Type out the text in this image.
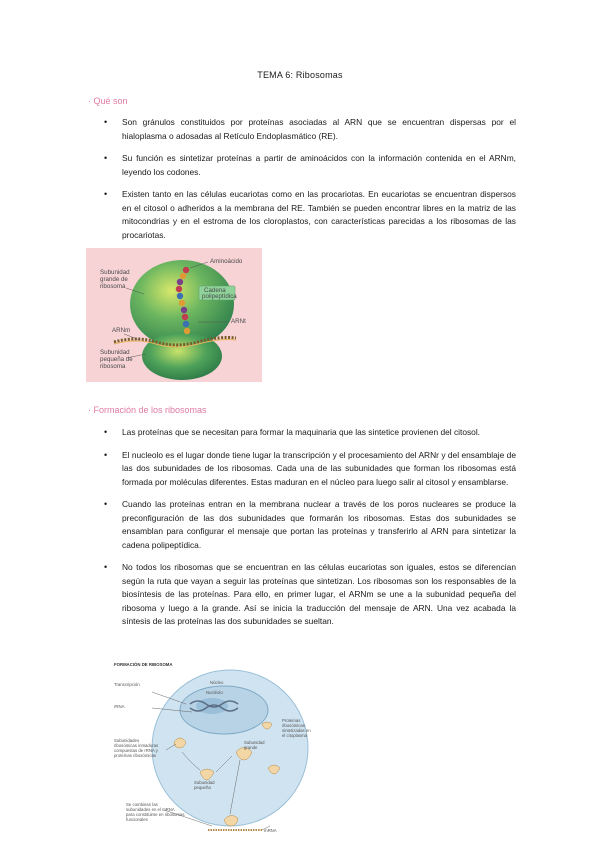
TEMA 6: Ribosomas
· Qué son
• Son gránulos constituidos por proteínas asociadas al ARN que se encuentran dispersas por el hialoplasma o adosadas al Retículo Endoplasmático (RE).
• Su función es sintetizar proteínas a partir de aminoácidos con la información contenida en el ARNm, leyendo los codones.
• Existen tanto en las células eucariotas como en las procariotas. En eucariotas se encuentran dispersos en el citosol o adheridos a la membrana del RE. También se pueden encontrar libres en la matriz de las mitocondrias y en el estroma de los cloroplastos, con características parecidas a los ribosomas de las procariotas.
Cadena
polipeptídica
Subunidad
grande de
ribosoma
Aminoácido
ARNt
ARNm
Subunidad
pequeña de
ribosoma
· Formación de los ribosomas
• Las proteínas que se necesitan para formar la maquinaria que las sintetice provienen del citosol.
• El nucleolo es el lugar donde tiene lugar la transcripción y el procesamiento del ARNr y del ensamblaje de las dos subunidades de los ribosomas. Cada una de las subunidades que forman los ribosomas está formada por moléculas diferentes. Estas maduran en el núcleo para luego salir al citosol y ensamblarse.
• Cuando las proteínas entran en la membrana nuclear a través de los poros nucleares se produce la preconfiguración de las dos subunidades que formarán los ribosomas. Estas dos subunidades se ensamblan para configurar el mensaje que portan las proteínas y transferirlo al ARN para sintetizar la cadena polipeptídica.
• No todos los ribosomas que se encuentran en las células eucariotas son iguales, estos se diferencian según la ruta que vayan a seguir las proteínas que sintetizan. Los ribosomas son los responsables de la biosíntesis de las proteínas. Para ello, en primer lugar, el ARNm se une a la subunidad pequeña del ribosoma y luego a la grande. Así se inicia la traducción del mensaje de ARN. Una vez acabada la síntesis de las proteínas las dos subunidades se sueltan.
FORMACIÓN DE RIBOSOMA
Transcripción	Núcleo
Nucléolo
rRNA
Proteínas
ribosómicas
sintetizadas en
el citoplasma
Subunidades
ribosómicas inmaduras
compuestas de rRNA y
proteínas ribosómicas
Subunidad
grande
Subunidad
pequeña
Se combinan las
subunidades en el mRNA
para constituirse en ribosomas
funcionales
mRNA
